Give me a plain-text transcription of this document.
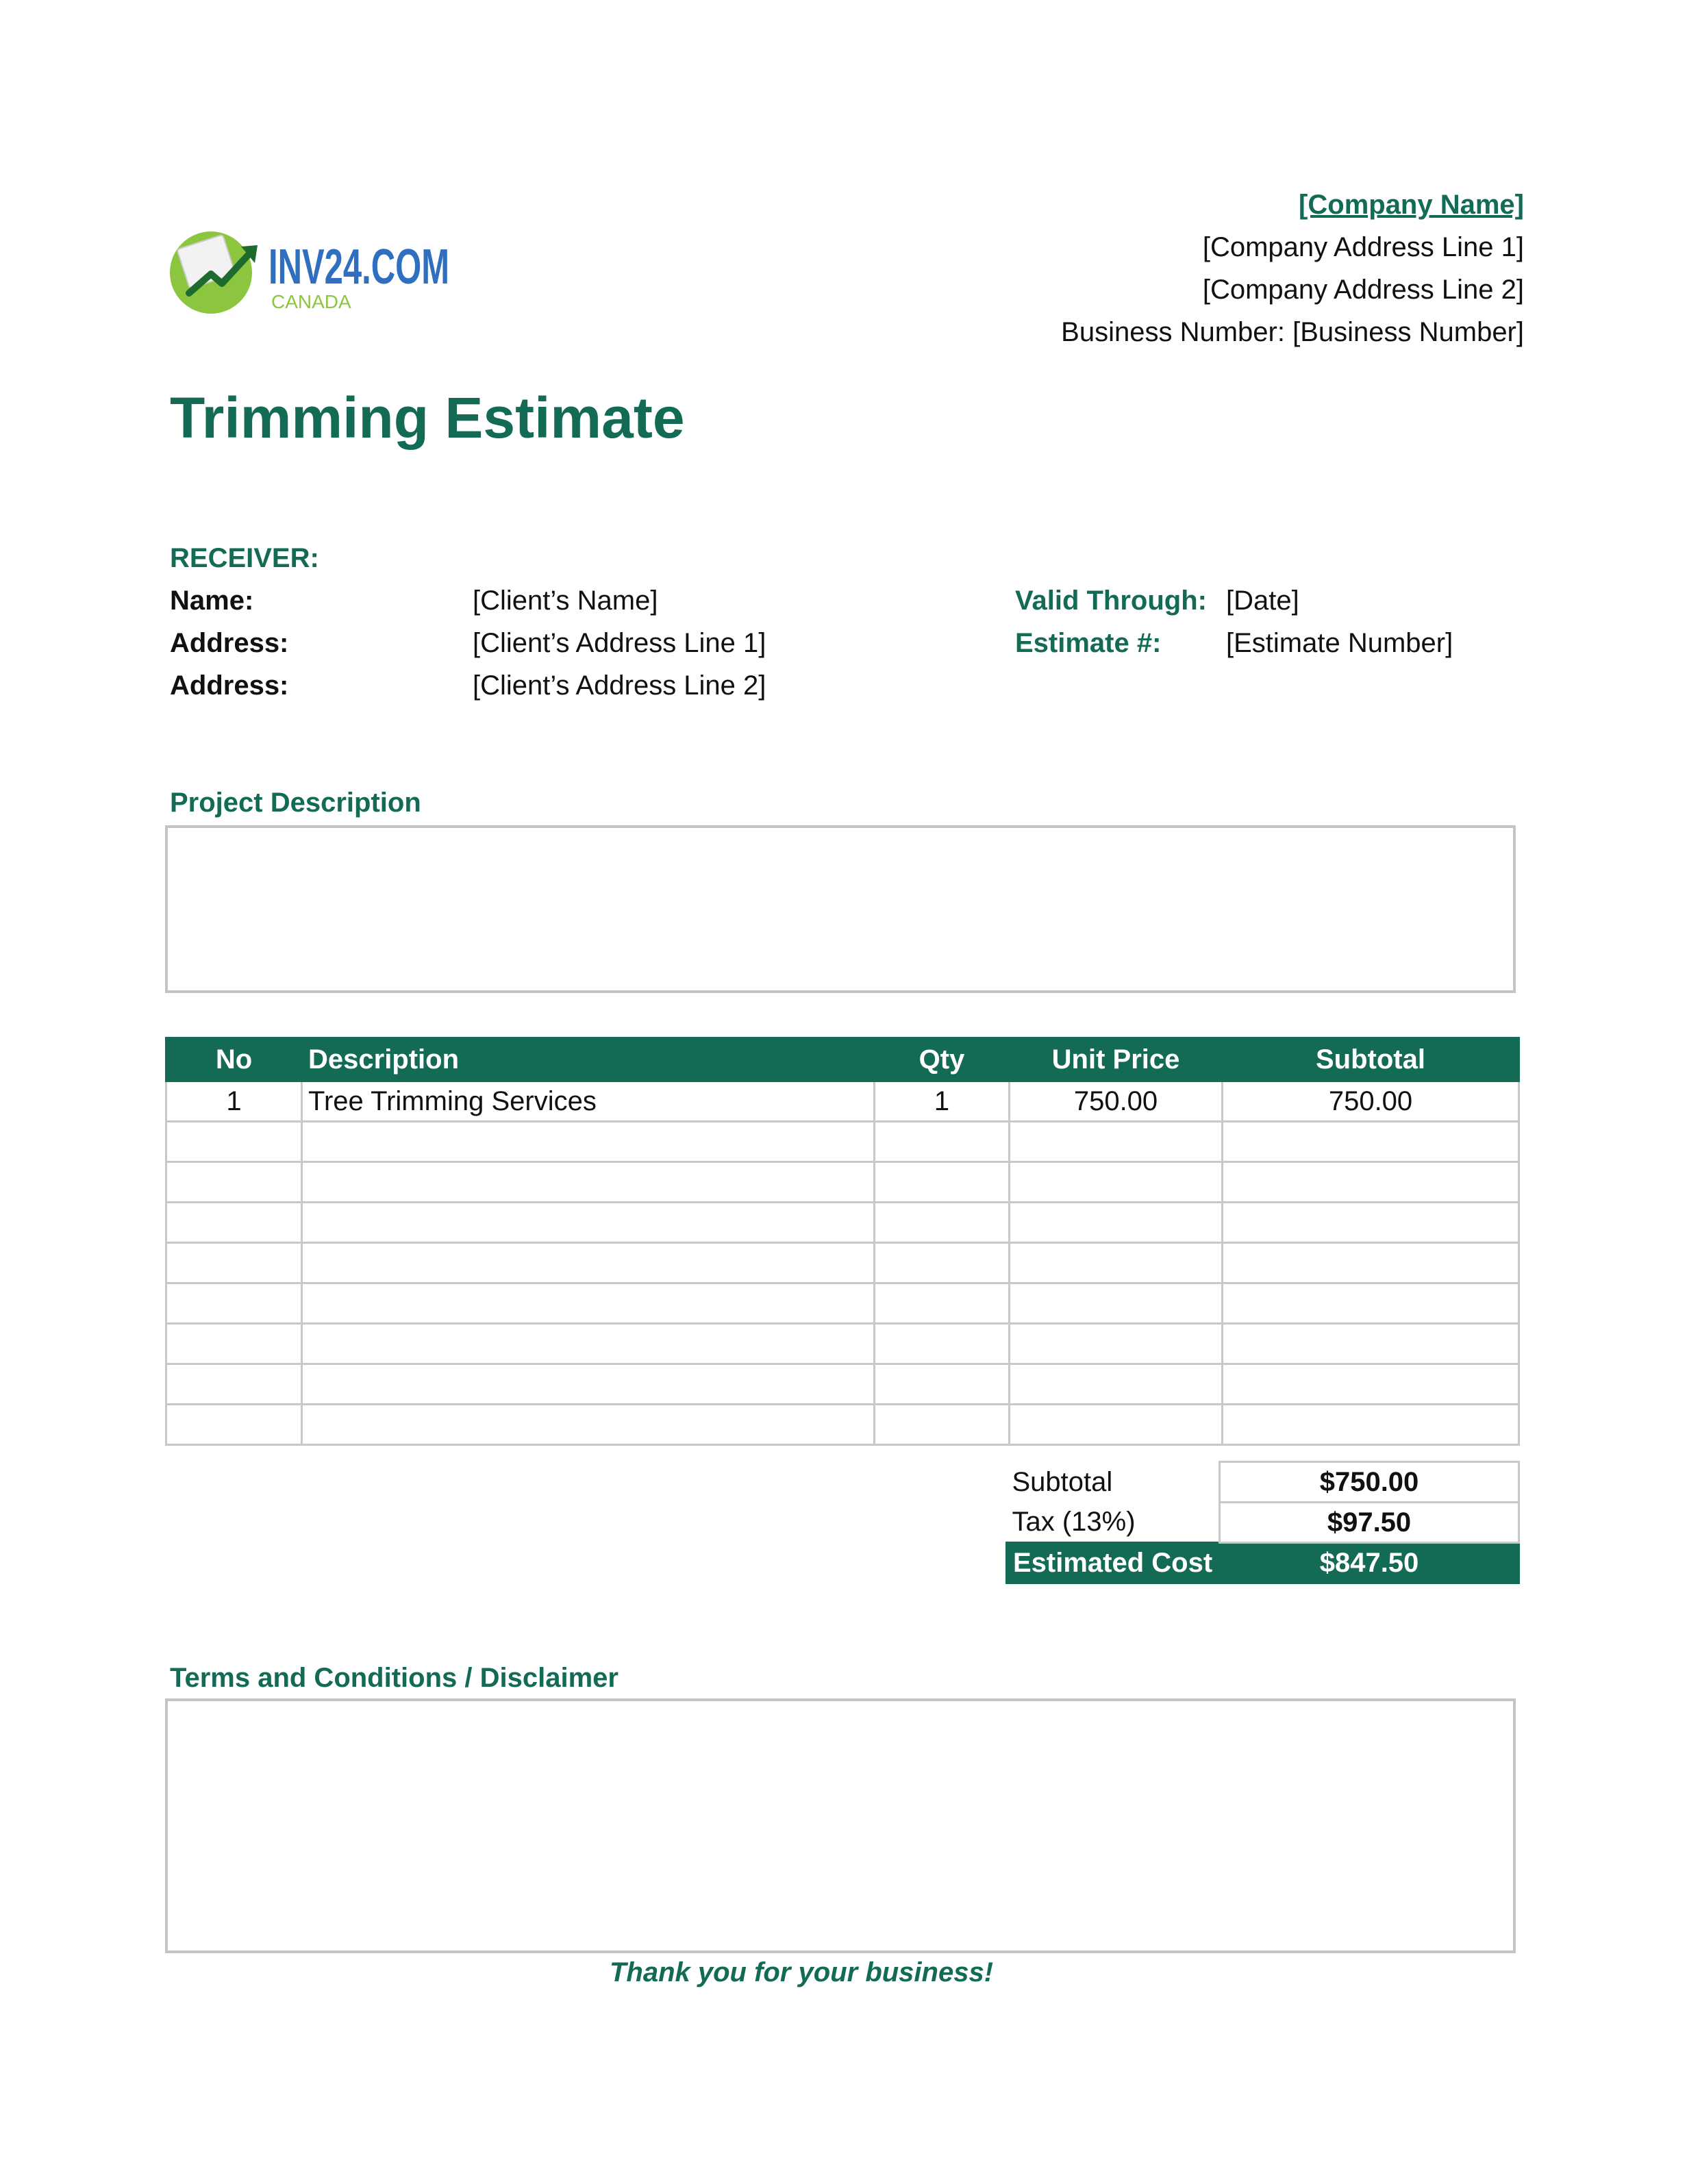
INV24.COM
CANADA
[Company Name]
[Company Address Line 1]
[Company Address Line 2]
Business Number: [Business Number]
Trimming Estimate
RECEIVER:
Name:	[Client’s Name]
Address:	[Client’s Address Line 1]
Address:	[Client’s Address Line 2]
Valid Through: [Date]
Estimate #: [Estimate Number]
Project Description
No	Description	Qty	Unit Price	Subtotal
1	Tree Trimming Services	1	750.00	750.00

Subtotal	$750.00
Tax (13%)	$97.50
Estimated Cost	$847.50
Terms and Conditions / Disclaimer
Thank you for your business!
